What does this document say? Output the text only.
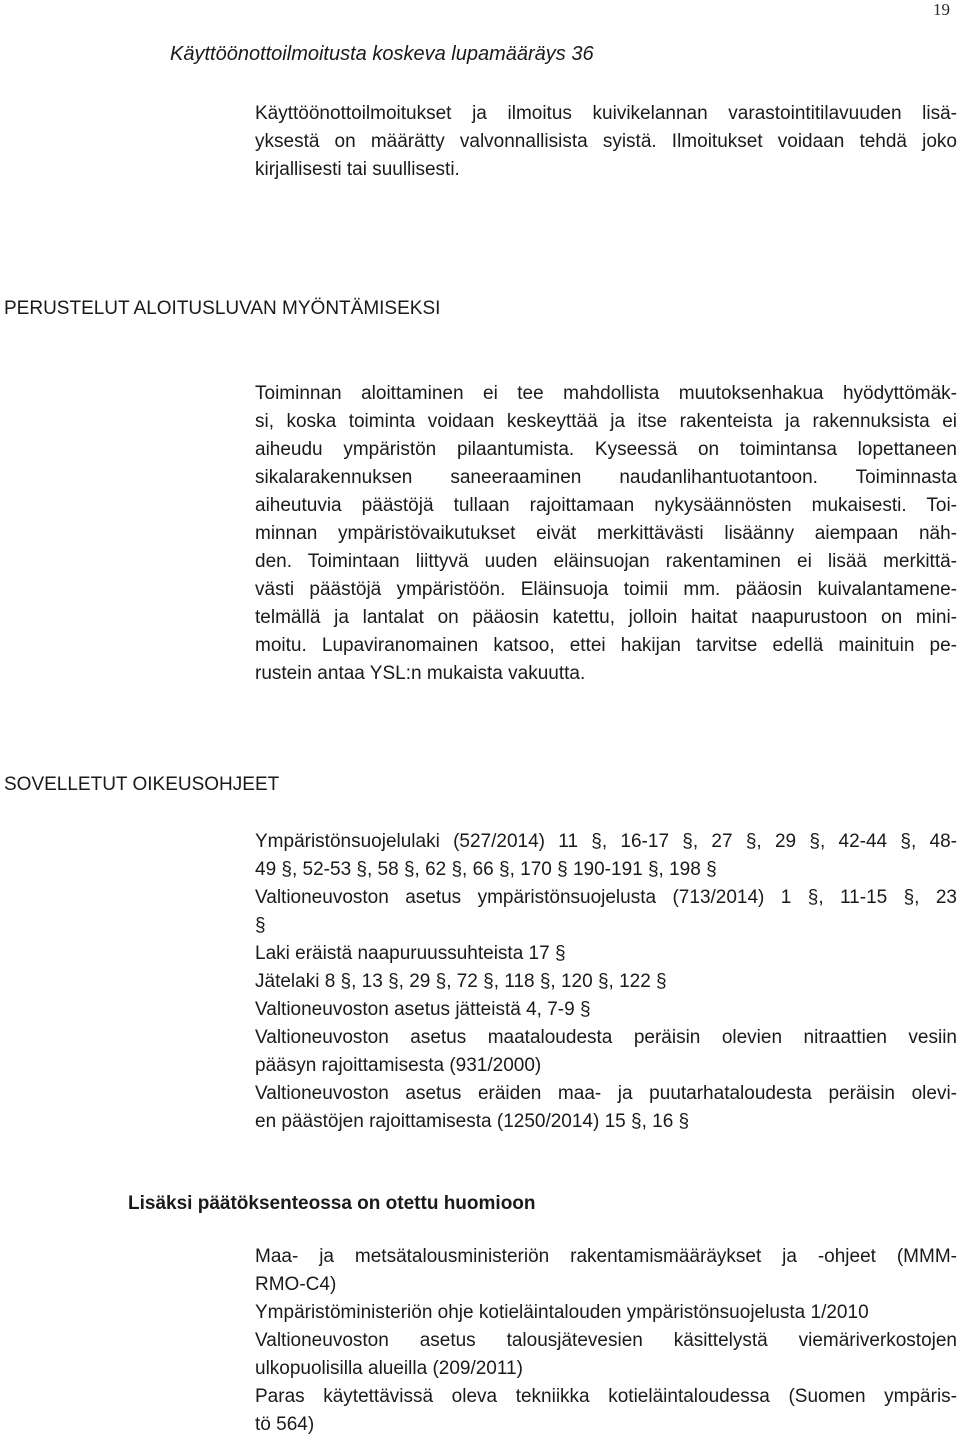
19
Käyttöönottoilmoitusta koskeva lupamääräys 36
Käyttöönottoilmoitukset ja ilmoitus kuivikelannan varastointitilavuuden lisä-
yksestä on määrätty valvonnallisista syistä. Ilmoitukset voidaan tehdä joko
kirjallisesti tai suullisesti.
PERUSTELUT ALOITUSLUVAN MYÖNTÄMISEKSI
Toiminnan aloittaminen ei tee mahdollista muutoksenhakua hyödyttömäk-
si, koska toiminta voidaan keskeyttää ja itse rakenteista ja rakennuksista ei
aiheudu ympäristön pilaantumista. Kyseessä on toimintansa lopettaneen
sikalarakennuksen saneeraaminen naudanlihantuotantoon. Toiminnasta
aiheutuvia päästöjä tullaan rajoittamaan nykysäännösten mukaisesti. Toi-
minnan ympäristövaikutukset eivät merkittävästi lisäänny aiempaan näh-
den. Toimintaan liittyvä uuden eläinsuojan rakentaminen ei lisää merkittä-
västi päästöjä ympäristöön. Eläinsuoja toimii mm. pääosin kuivalantamene-
telmällä ja lantalat on pääosin katettu, jolloin haitat naapurustoon on mini-
moitu. Lupaviranomainen katsoo, ettei hakijan tarvitse edellä mainituin pe-
rustein antaa YSL:n mukaista vakuutta.
SOVELLETUT OIKEUSOHJEET
Ympäristönsuojelulaki (527/2014) 11 §, 16-17 §, 27 §, 29 §, 42-44 §, 48-
49 §, 52-53 §, 58 §, 62 §, 66 §, 170 § 190-191 §, 198 §
Valtioneuvoston asetus ympäristönsuojelusta (713/2014) 1 §, 11-15 §, 23
§
Laki eräistä naapuruussuhteista 17 §
Jätelaki 8 §, 13 §, 29 §, 72 §, 118 §, 120 §, 122 §
Valtioneuvoston asetus jätteistä 4, 7-9 §
Valtioneuvoston asetus maataloudesta peräisin olevien nitraattien vesiin
pääsyn rajoittamisesta (931/2000)
Valtioneuvoston asetus eräiden maa- ja puutarhataloudesta peräisin olevi-
en päästöjen rajoittamisesta (1250/2014) 15 §, 16 §
Lisäksi päätöksenteossa on otettu huomioon
Maa- ja metsätalousministeriön rakentamismääräykset ja -ohjeet (MMM-
RMO-C4)
Ympäristöministeriön ohje kotieläintalouden ympäristönsuojelusta 1/2010
Valtioneuvoston asetus talousjätevesien käsittelystä viemäriverkostojen
ulkopuolisilla alueilla (209/2011)
Paras käytettävissä oleva tekniikka kotieläintaloudessa (Suomen ympäris-
tö 564)
